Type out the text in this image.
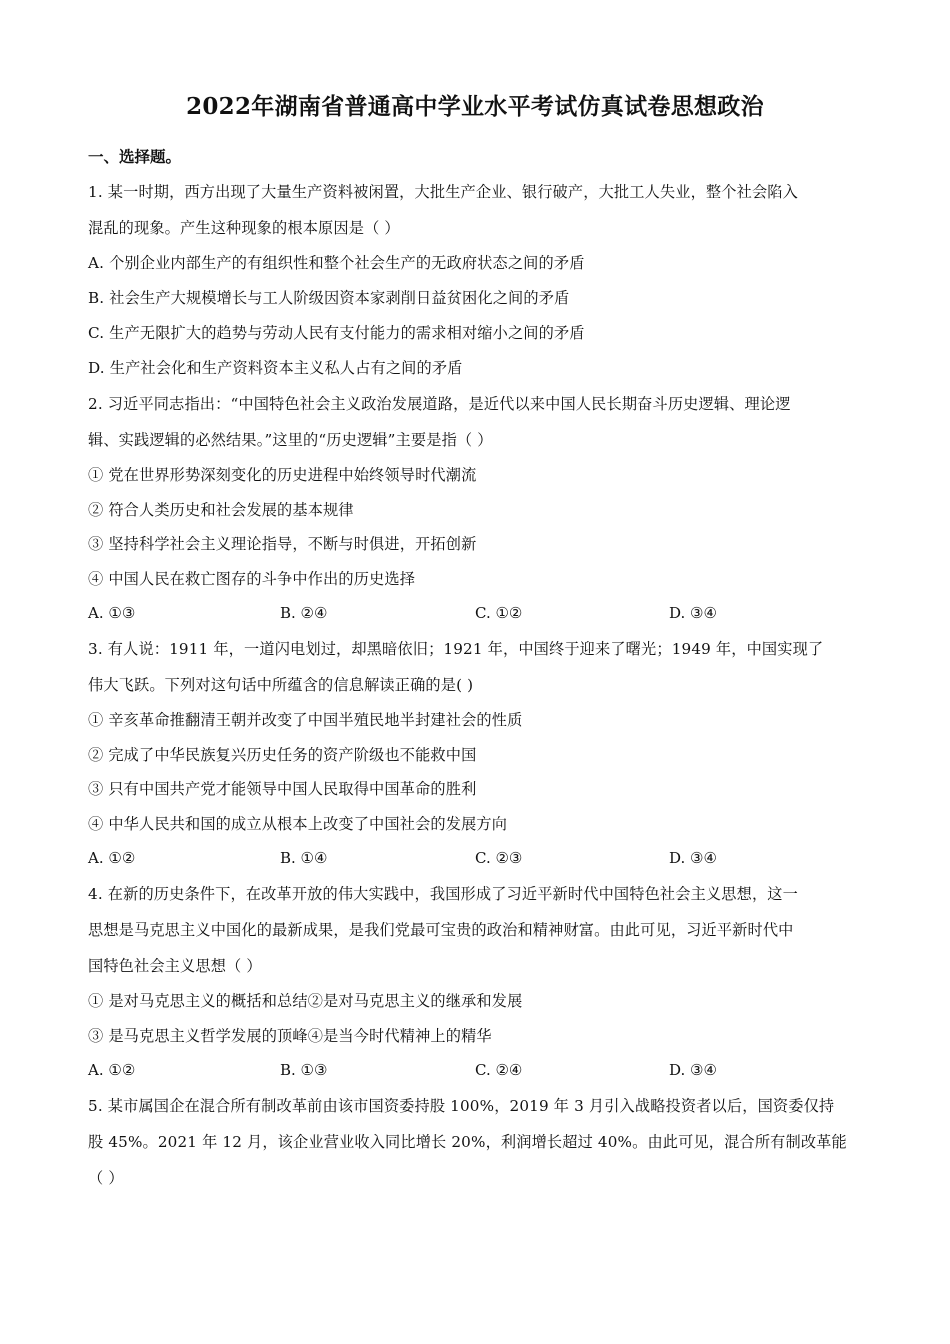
2022年湖南省普通高中学业水平考试仿真试卷思想政治
一、选择题。
1. 某一时期，西方出现了大量生产资料被闲置，大批生产企业、银行破产，大批工人失业，整个社会陷入
混乱的现象。产生这种现象的根本原因是（ ）
A. 个别企业内部生产的有组织性和整个社会生产的无政府状态之间的矛盾
B. 社会生产大规模增长与工人阶级因资本家剥削日益贫困化之间的矛盾
C. 生产无限扩大的趋势与劳动人民有支付能力的需求相对缩小之间的矛盾
D. 生产社会化和生产资料资本主义私人占有之间的矛盾
2. 习近平同志指出：“中国特色社会主义政治发展道路，是近代以来中国人民长期奋斗历史逻辑、理论逻
辑、实践逻辑的必然结果。”这里的“历史逻辑”主要是指（ ）
① 党在世界形势深刻变化的历史进程中始终领导时代潮流
② 符合人类历史和社会发展的基本规律
③ 坚持科学社会主义理论指导，不断与时俱进，开拓创新
④ 中国人民在救亡图存的斗争中作出的历史选择
A. ①③	B. ②④	C. ①②	D. ③④
3. 有人说：1911 年，一道闪电划过，却黑暗依旧；1921 年，中国终于迎来了曙光；1949 年，中国实现了
伟大飞跃。下列对这句话中所蕴含的信息解读正确的是( )
① 辛亥革命推翻清王朝并改变了中国半殖民地半封建社会的性质
② 完成了中华民族复兴历史任务的资产阶级也不能救中国
③ 只有中国共产党才能领导中国人民取得中国革命的胜利
④ 中华人民共和国的成立从根本上改变了中国社会的发展方向
A. ①②	B. ①④	C. ②③	D. ③④
4. 在新的历史条件下，在改革开放的伟大实践中，我国形成了习近平新时代中国特色社会主义思想，这一
思想是马克思主义中国化的最新成果，是我们党最可宝贵的政治和精神财富。由此可见，习近平新时代中
国特色社会主义思想（ ）
① 是对马克思主义的概括和总结②是对马克思主义的继承和发展
③ 是马克思主义哲学发展的顶峰④是当今时代精神上的精华
A. ①②	B. ①③	C. ②④	D. ③④
5. 某市属国企在混合所有制改革前由该市国资委持股 100%，2019 年 3 月引入战略投资者以后，国资委仅持
股 45%。2021 年 12 月，该企业营业收入同比增长 20%，利润增长超过 40%。由此可见，混合所有制改革能
（ ）
